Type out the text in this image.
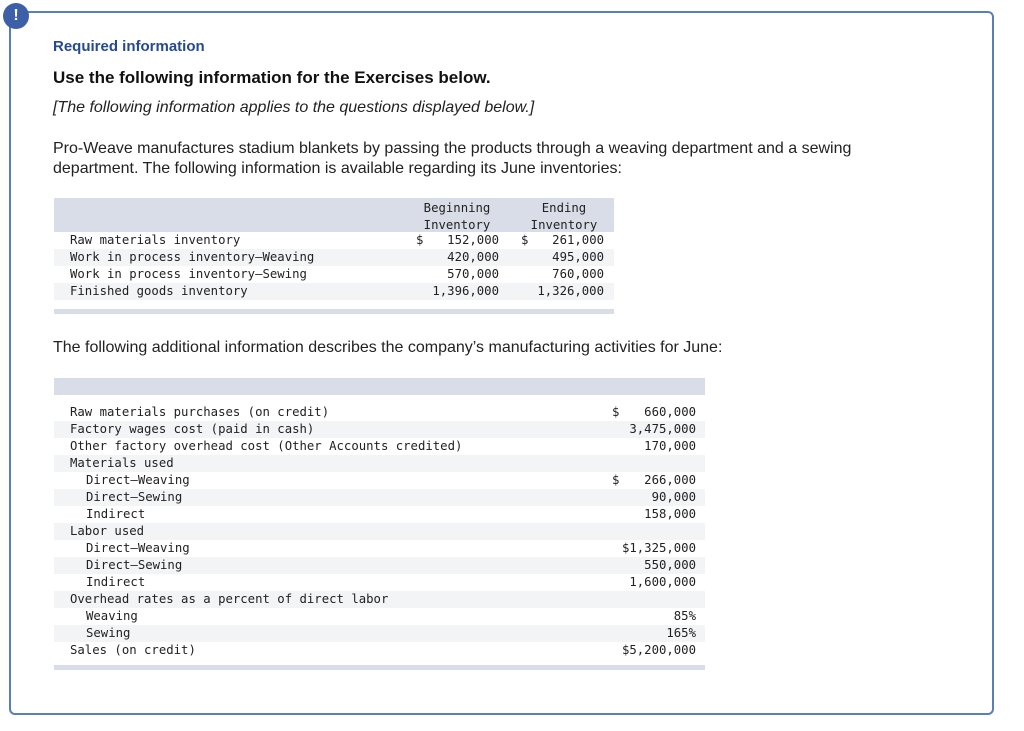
!
Required information
Use the following information for the Exercises below.
[The following information applies to the questions displayed below.]
Pro-Weave manufactures stadium blankets by passing the products through a weaving department and a sewing department. The following information is available regarding its June inventories:
Beginning Inventory
Ending Inventory
Raw materials inventory	$	152,000 $	261,000
Work in process inventory—Weaving	420,000	495,000
Work in process inventory—Sewing	570,000	760,000
Finished goods inventory	1,396,000	1,326,000
The following additional information describes the company’s manufacturing activities for June:
Raw materials purchases (on credit)	$ 660,000
Factory wages cost (paid in cash)	3,475,000
Other factory overhead cost (Other Accounts credited)	170,000
Materials used
Direct—Weaving	$ 266,000
Direct—Sewing	90,000
Indirect	158,000
Labor used
Direct—Weaving	$1,325,000
Direct—Sewing	550,000
Indirect	1,600,000
Overhead rates as a percent of direct labor
Weaving	85%
Sewing	165%
Sales (on credit)	$5,200,000
